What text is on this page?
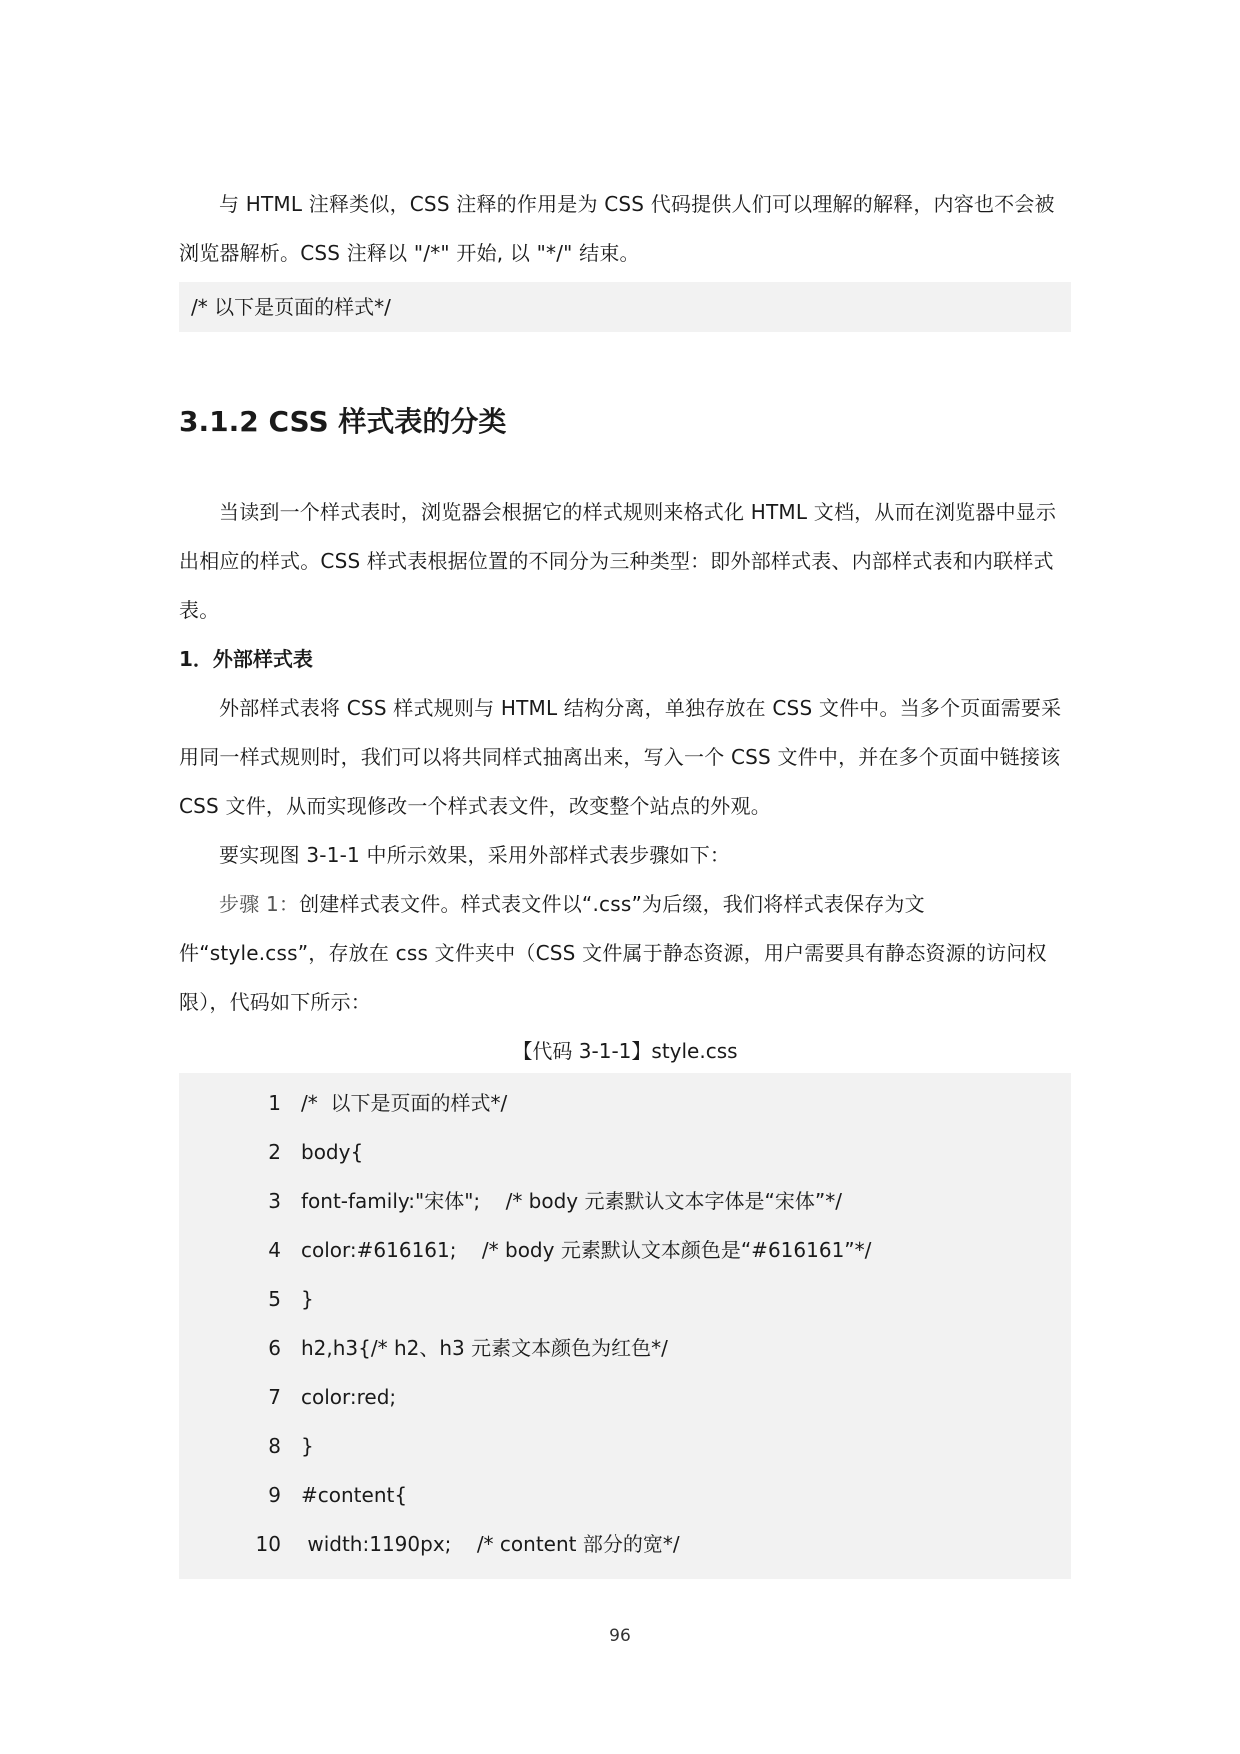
与 HTML 注释类似，CSS 注释的作用是为 CSS 代码提供人们可以理解的解释，内容也不会被浏览器解析。CSS 注释以 "/*" 开始, 以 "*/" 结束。

/* 以下是页面的样式*/
3.1.2 CSS 样式表的分类

当读到一个样式表时，浏览器会根据它的样式规则来格式化 HTML 文档，从而在浏览器中显示出相应的样式。CSS 样式表根据位置的不同分为三种类型：即外部样式表、内部样式表和内联样式表。

1．外部样式表

外部样式表将 CSS 样式规则与 HTML 结构分离，单独存放在 CSS 文件中。当多个页面需要采用同一样式规则时，我们可以将共同样式抽离出来，写入一个 CSS 文件中，并在多个页面中链接该 CSS 文件，从而实现修改一个样式表文件，改变整个站点的外观。

要实现图 3-1-1 中所示效果，采用外部样式表步骤如下：

步骤 1：创建样式表文件。样式表文件以“.css”为后缀，我们将样式表保存为文件“style.css”，存放在 css 文件夹中（CSS 文件属于静态资源，用户需要具有静态资源的访问权限），代码如下所示：

【代码 3-1-1】style.css
1	/*  以下是页面的样式*/
2	body{
3	font-family:"宋体";    /* body 元素默认文本字体是“宋体”*/
4	color:#616161;    /* body 元素默认文本颜色是“#616161”*/
5	}
6	h2,h3{/* h2、h3 元素文本颜色为红色*/
7	color:red;
8	}
9	#content{
10	width:1190px;    /* content 部分的宽*/
96
